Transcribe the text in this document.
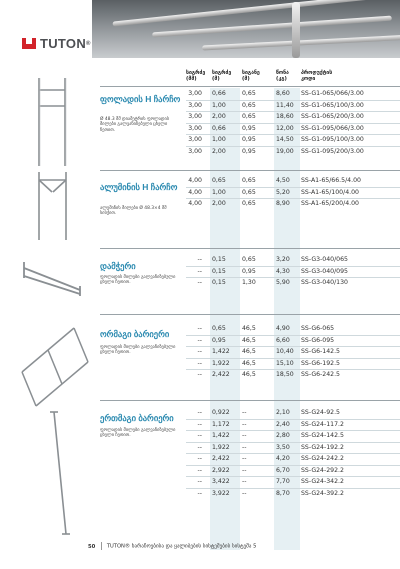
TUTON ®
სიგრძე (მმ)
სიგრძე (მ)
სიგანე (მ)
წონა (კგ)
პროდუქტის კოდი
ფოლადის H ჩარჩო
Ø 48.3 მმ დიამეტრის ფოლადის მილები გალვანიზებული ცხელი ჩეთით.
3,00 0,66	0,65	8,60 SS-G1-065/066/3.00
3,00 1,00	0,65	11,40 SS-G1-065/100/3.00
3,00 2,00	0,65	18,60 SS-G1-065/200/3.00
3,00 0,66	0,95	12,00 SS-G1-095/066/3.00
3,00 1,00	0,95	14,50 SS-G1-095/100/3.00
3,00 2,00	0,95	19,00 SS-G1-095/200/3.00
ალუმინის H ჩარჩო
ალუმინის მილები Ø 48.3×4 მმ სისქით.
4,00 0,65	0,65	4,50 SS-A1-65/66.5/4.00
4,00 1,00	0,65	5,20 SS-A1-65/100/4.00
4,00 2,00	0,65	8,90 SS-A1-65/200/4.00
დამჭერი
ფოლადის მილები გალვანიზებული ცხელი ჩეთით.
-- 0,15	0,65	3,20 SS-G3-040/065
-- 0,15	0,95	4,30 SS-G3-040/095
-- 0,15	1,30	5,90 SS-G3-040/130
ორმაგი ბარიერი
ფოლადის მილები გალვანიზებული ცხელი ჩეთით.
-- 0,65	46,5	4,90 SS-G6-065
-- 0,95	46,5	6,60 SS-G6-095
-- 1,422 46,5	10,40 SS-G6-142.5
-- 1,922 46,5	15,10 SS-G6-192.5
-- 2,422 46,5	18,50 SS-G6-242.5
ერთმაგი ბარიერი
ფოლადის მილები გალვანიზებული ცხელი ჩეთით.
-- 0,922 --	2,10 SS-G24-92.5
-- 1,172 --	2,40 SS-G24-117.2
-- 1,422 --	2,80 SS-G24-142.5
-- 1,922 --	3,50 SS-G24-192.2
-- 2,422 --	4,20 SS-G24-242.2
-- 2,922 --	6,70 SS-G24-292.2
-- 3,422 --	7,70 SS-G24-342.2
-- 3,922 --	8,70 SS-G24-392.2
50 TUTON® ხარაჩოებისა და ყალიბების სისტემების სისტემა 5
